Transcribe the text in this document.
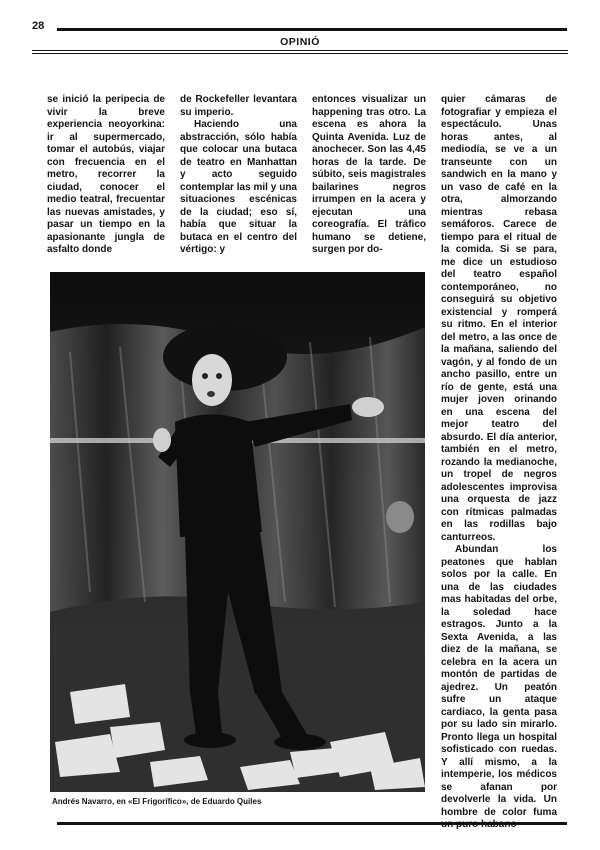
28
OPINIÓ

se inició la peripecia de vivir la breve experiencia neoyorkina: ir al supermercado, tomar el autobús, viajar con frecuencia en el metro, recorrer la ciudad, conocer el medio teatral, frecuentar las nuevas amistades, y pasar un tiempo en la apasionante jungla de asfalto donde

de Rockefeller levantara su imperio.

Haciendo una abstracción, sólo había que colocar una butaca de teatro en Manhattan y acto seguido contemplar las mil y una situaciones escénicas de la ciudad; eso sí, había que situar la butaca en el centro del vértigo: y

entonces visualizar un happening tras otro. La escena es ahora la Quinta Avenida. Luz de anochecer. Son las 4,45 horas de la tarde. De súbito, seis magistrales bailarines negros irrumpen en la acera y ejecutan una coreografía. El tráfico humano se detiene, surgen por do-

quier cámaras de fotografiar y empieza el espectáculo. Unas horas antes, al mediodía, se ve a un transeunte con un sandwich en la mano y un vaso de café en la otra, almorzando mientras rebasa semáforos. Carece de tiempo para el ritual de la comida. Si se para, me dice un estudioso del teatro español contemporáneo, no conseguirá su objetivo existencial y romperá su ritmo. En el interior del metro, a las once de la mañana, saliendo del vagón, y al fondo de un ancho pasillo, entre un río de gente, está una mujer joven orinando en una escena del mejor teatro del absurdo. El día anterior, también en el metro, rozando la medianoche, un tropel de negros adolescentes improvisa una orquesta de jazz con rítmicas palmadas en las rodillas bajo canturreos.

Abundan los peatones que hablan solos por la calle. En una de las ciudades mas habitadas del orbe, la soledad hace estragos. Junto a la Sexta Avenida, a las diez de la mañana, se celebra en la acera un montón de partidas de ajedrez. Un peatón sufre un ataque cardiaco, la genta pasa por su lado sin mirarlo. Pronto llega un hospital sofisticado con ruedas. Y allí mismo, a la intemperie, los médicos se afanan por devolverle la vida. Un hombre de color fuma

Andrés Navarro, en «El Frigorífico», de Eduardo Quiles
